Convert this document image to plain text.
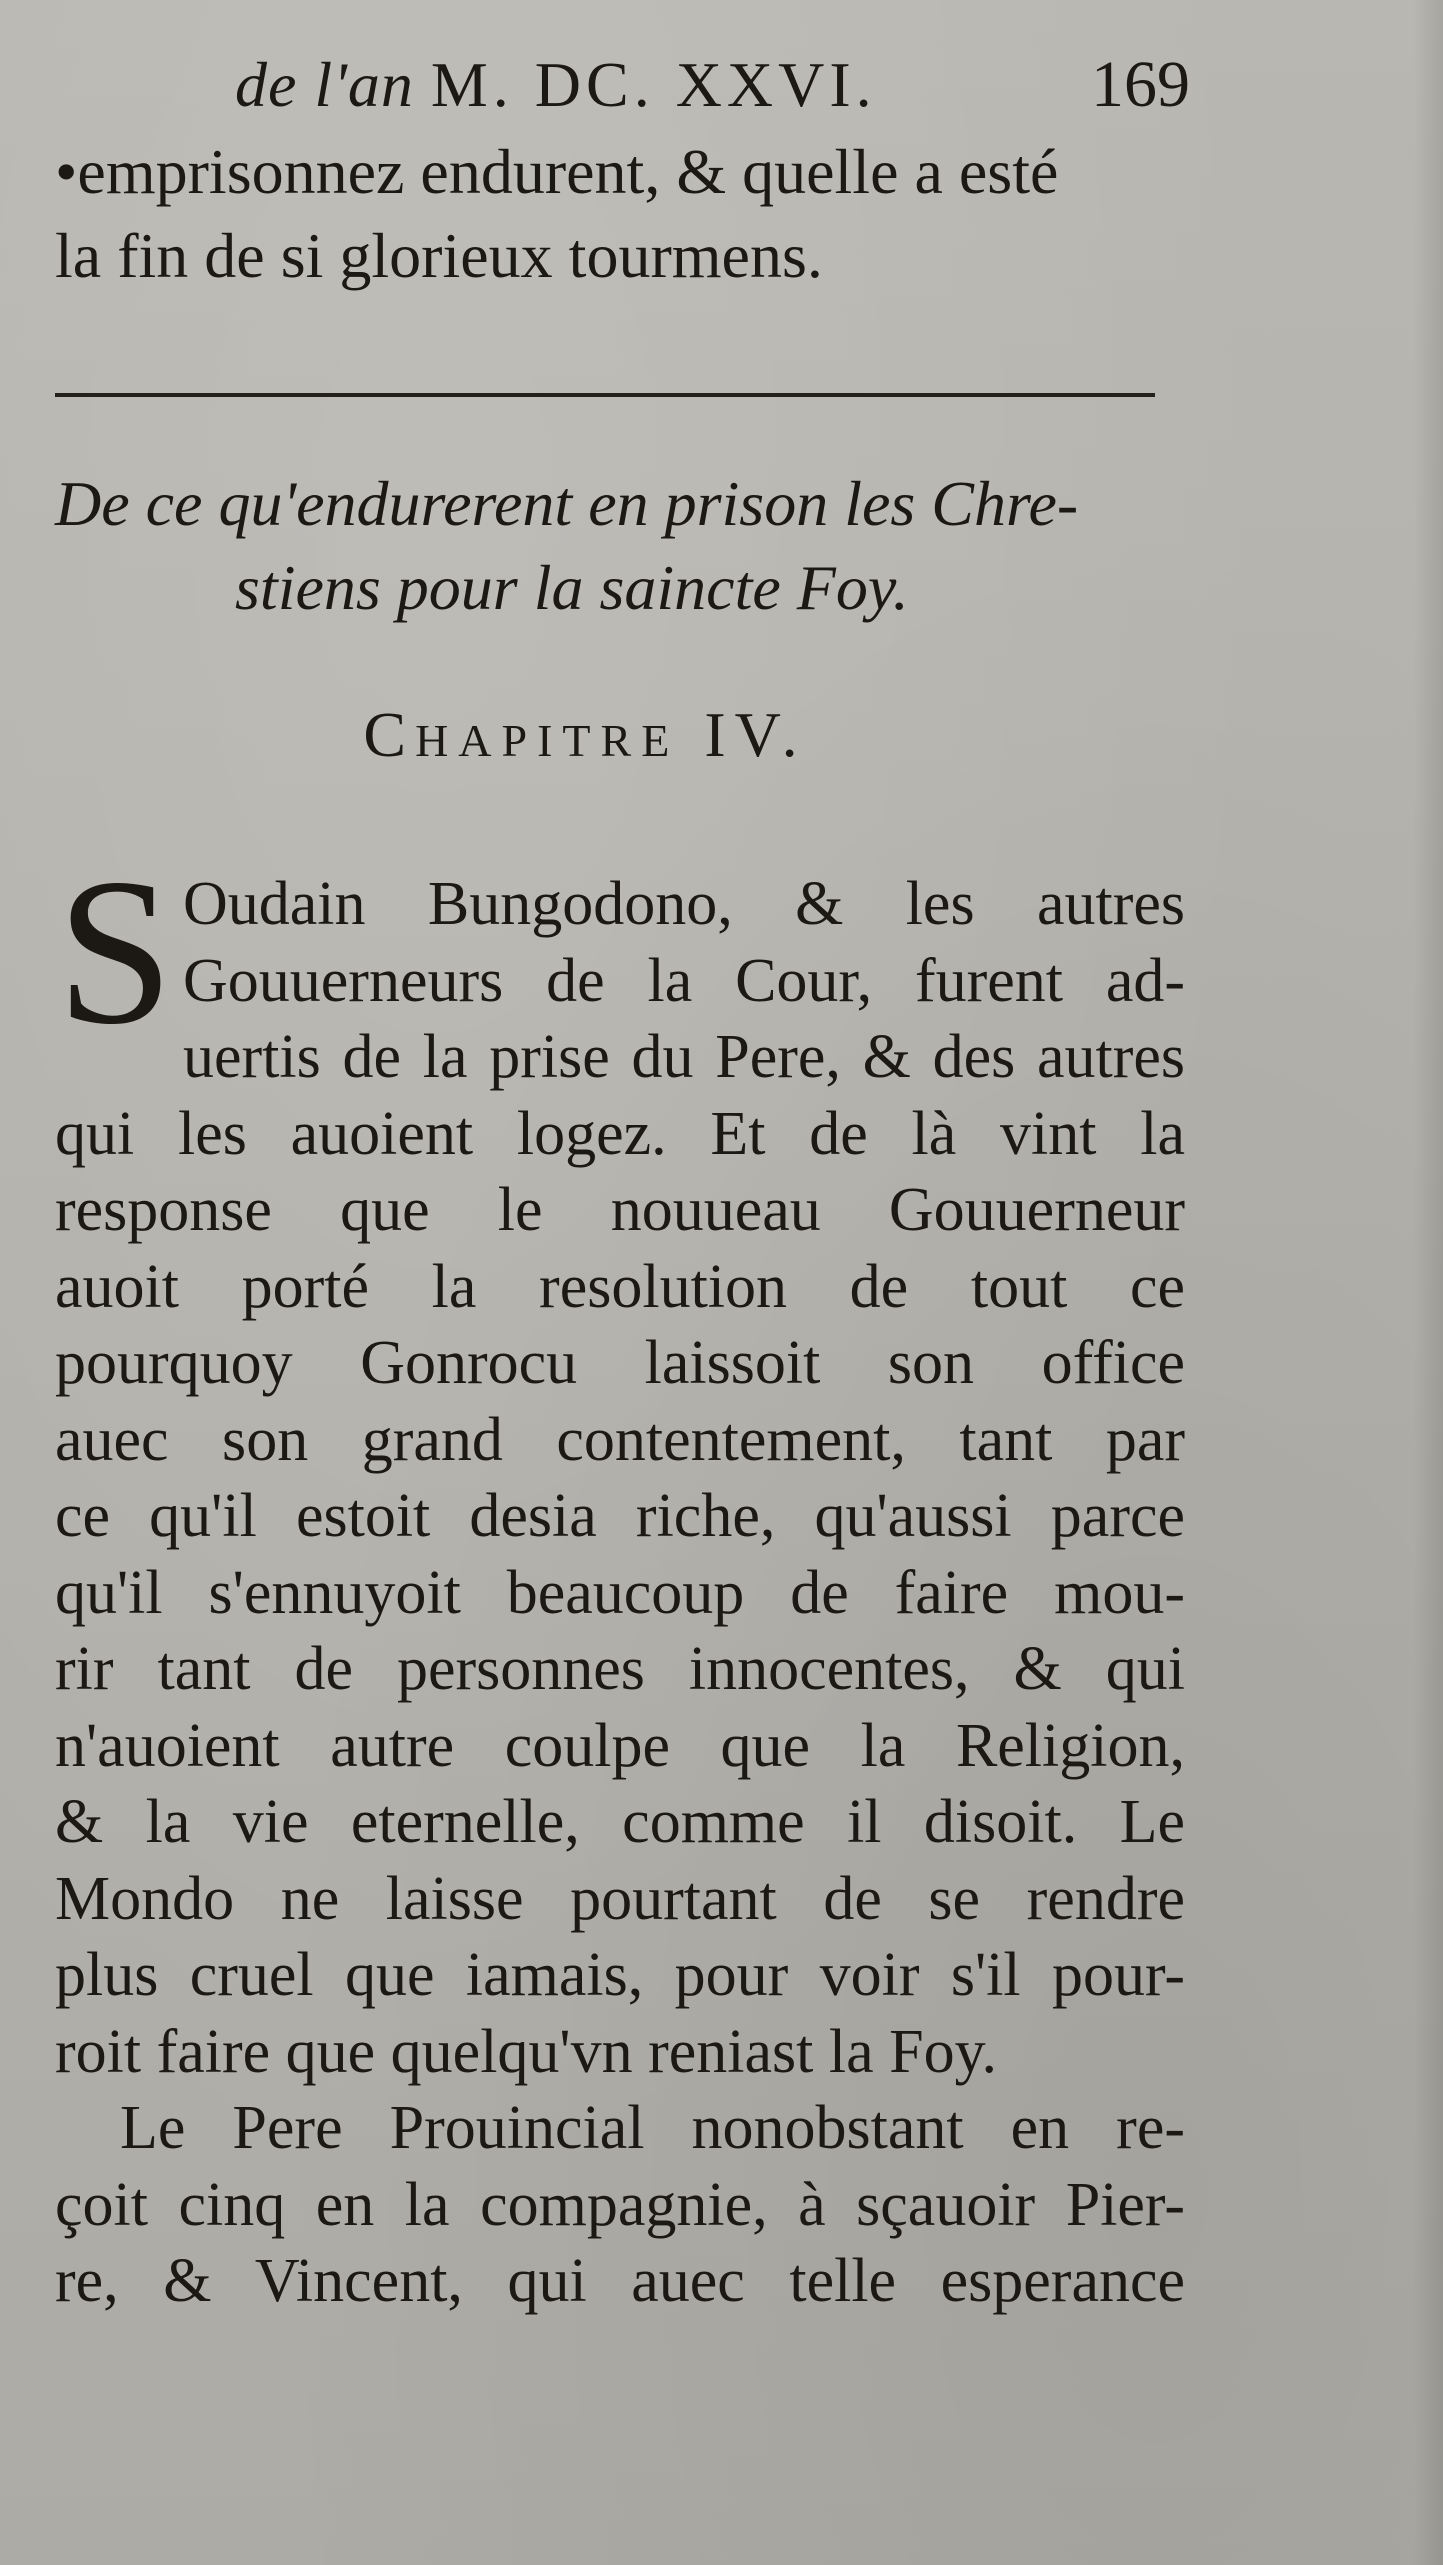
de l'an M. DC. XXVI.	169
•emprisonnez endurent, & quelle a esté
la fin de si glorieux tourmens.
De ce qu'endurerent en prison les Chre-
stiens pour la saincte Foy.
CHAPITRE IV.
S Oudain Bungodono, & les autres
Gouuerneurs de la Cour, furent ad-
uertis de la prise du Pere, & des autres
qui les auoient logez. Et de là vint la
response que le nouueau Gouuerneur
auoit porté la resolution de tout ce
pourquoy Gonrocu laissoit son office
auec son grand contentement, tant par
ce qu'il estoit desia riche, qu'aussi parce
qu'il s'ennuyoit beaucoup de faire mou-
rir tant de personnes innocentes, & qui
n'auoient autre coulpe que la Religion,
& la vie eternelle, comme il disoit. Le
Mondo ne laisse pourtant de se rendre
plus cruel que iamais, pour voir s'il pour-
roit faire que quelqu'vn reniast la Foy.
Le Pere Prouincial nonobstant en re-
çoit cinq en la compagnie, à sçauoir Pier-
re, & Vincent, qui auec telle esperance
